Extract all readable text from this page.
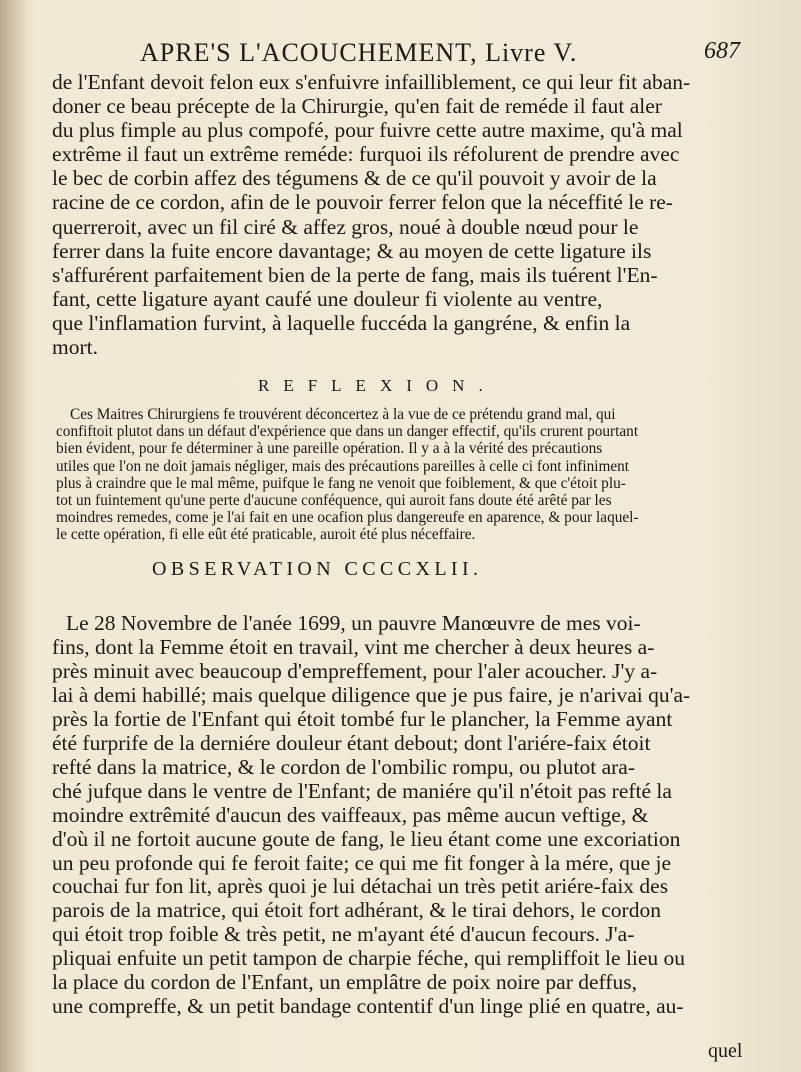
APRE'S L'ACOUCHEMENT, Livre V.	687
de l'Enfant devoit felon eux s'enfuivre infailliblement, ce qui leur fit aban-
doner ce beau précepte de la Chirurgie, qu'en fait de reméde il faut aler
du plus fimple au plus compofé, pour fuivre cette autre maxime, qu'à mal
extrême il faut un extrême reméde: furquoi ils réfolurent de prendre avec
le bec de corbin affez des tégumens & de ce qu'il pouvoit y avoir de la
racine de ce cordon, afin de le pouvoir ferrer felon que la néceffité le re-
querreroit, avec un fil ciré & affez gros, noué à double nœud pour le
ferrer dans la fuite encore davantage; & au moyen de cette ligature ils
s'affurérent parfaitement bien de la perte de fang, mais ils tuérent l'En-
fant, cette ligature ayant caufé une douleur fi violente au ventre,
que l'inflamation furvint, à laquelle fuccéda la gangréne, & enfin la
mort.
REFLEXION.
Ces Maitres Chirurgiens fe trouvérent déconcertez à la vue de ce prétendu grand mal, qui
confiftoit plutot dans un défaut d'expérience que dans un danger effectif, qu'ils crurent pourtant
bien évident, pour fe déterminer à une pareille opération. Il y a à la vérité des précautions
utiles que l'on ne doit jamais négliger, mais des précautions pareilles à celle ci font infiniment
plus à craindre que le mal même, puifque le fang ne venoit que foiblement, & que c'étoit plu-
tot un fuintement qu'une perte d'aucune conféquence, qui auroit fans doute été arêté par les
moindres remedes, come je l'ai fait en une ocafion plus dangereufe en aparence, & pour laquel-
le cette opération, fi elle eût été praticable, auroit été plus néceffaire.
OBSERVATION CCCCXLII.
Le 28 Novembre de l'anée 1699, un pauvre Manœuvre de mes voi-
fins, dont la Femme étoit en travail, vint me chercher à deux heures a-
près minuit avec beaucoup d'empreffement, pour l'aler acoucher. J'y a-
lai à demi habillé; mais quelque diligence que je pus faire, je n'arivai qu'a-
près la fortie de l'Enfant qui étoit tombé fur le plancher, la Femme ayant
été furprife de la derniére douleur étant debout; dont l'ariére-faix étoit
refté dans la matrice, & le cordon de l'ombilic rompu, ou plutot ara-
ché jufque dans le ventre de l'Enfant; de maniére qu'il n'étoit pas refté la
moindre extrêmité d'aucun des vaiffeaux, pas même aucun veftige, &
d'où il ne fortoit aucune goute de fang, le lieu étant come une excoriation
un peu profonde qui fe feroit faite; ce qui me fit fonger à la mére, que je
couchai fur fon lit, après quoi je lui détachai un très petit ariére-faix des
parois de la matrice, qui étoit fort adhérant, & le tirai dehors, le cordon
qui étoit trop foible & très petit, ne m'ayant été d'aucun fecours. J'a-
pliquai enfuite un petit tampon de charpie féche, qui rempliffoit le lieu ou
la place du cordon de l'Enfant, un emplâtre de poix noire par deffus,
une compreffe, & un petit bandage contentif d'un linge plié en quatre, au-
quel
